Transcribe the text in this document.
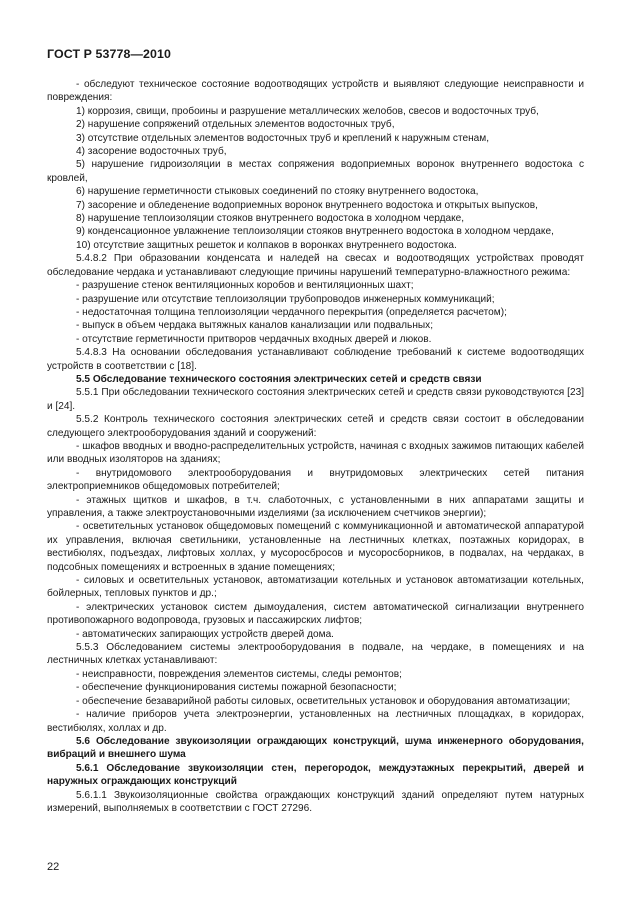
ГОСТ Р 53778—2010

- обследуют техническое состояние водоотводящих устройств и выявляют следующие неисправности и повреждения:

1) коррозия, свищи, пробоины и разрушение металлических желобов, свесов и водосточных труб,

2) нарушение сопряжений отдельных элементов водосточных труб,

3) отсутствие отдельных элементов водосточных труб и креплений к наружным стенам,

4) засорение водосточных труб,

5) нарушение гидроизоляции в местах сопряжения водоприемных воронок внутреннего водостока с кровлей,

6) нарушение герметичности стыковых соединений по стояку внутреннего водостока,

7) засорение и обледенение водоприемных воронок внутреннего водостока и открытых выпусков,

8) нарушение теплоизоляции стояков внутреннего водостока в холодном чердаке,

9) конденсационное увлажнение теплоизоляции стояков внутреннего водостока в холодном чердаке,

10) отсутствие защитных решеток и колпаков в воронках внутреннего водостока.

5.4.8.2 При образовании конденсата и наледей на свесах и водоотводящих устройствах проводят обследование чердака и устанавливают следующие причины нарушений температурно-влажностного режима:

- разрушение стенок вентиляционных коробов и вентиляционных шахт;

- разрушение или отсутствие теплоизоляции трубопроводов инженерных коммуникаций;

- недостаточная толщина теплоизоляции чердачного перекрытия (определяется расчетом);

- выпуск в объем чердака вытяжных каналов канализации или подвальных;

- отсутствие герметичности притворов чердачных входных дверей и люков.

5.4.8.3 На основании обследования устанавливают соблюдение требований к системе водоотводящих устройств в соответствии с [18].

5.5 Обследование технического состояния электрических сетей и средств связи

5.5.1 При обследовании технического состояния электрических сетей и средств связи руководствуются [23] и [24].

5.5.2 Контроль технического состояния электрических сетей и средств связи состоит в обследовании следующего электрооборудования зданий и сооружений:

- шкафов вводных и вводно-распределительных устройств, начиная с входных зажимов питающих кабелей или вводных изоляторов на зданиях;

- внутридомового электрооборудования и внутридомовых электрических сетей питания электроприемников общедомовых потребителей;

- этажных щитков и шкафов, в т.ч. слаботочных, с установленными в них аппаратами защиты и управления, а также электроустановочными изделиями (за исключением счетчиков энергии);

- осветительных установок общедомовых помещений с коммуникационной и автоматической аппаратурой их управления, включая светильники, установленные на лестничных клетках, поэтажных коридорах, в вестибюлях, подъездах, лифтовых холлах, у мусоросбросов и мусоросборников, в подвалах, на чердаках, в подсобных помещениях и встроенных в здание помещениях;

- силовых и осветительных установок, автоматизации котельных и установок автоматизации котельных, бойлерных, тепловых пунктов и др.;

- электрических установок систем дымоудаления, систем автоматической сигнализации внутреннего противопожарного водопровода, грузовых и пассажирских лифтов;

- автоматических запирающих устройств дверей дома.

5.5.3 Обследованием системы электрооборудования в подвале, на чердаке, в помещениях и на лестничных клетках устанавливают:

- неисправности, повреждения элементов системы, следы ремонтов;

- обеспечение функционирования системы пожарной безопасности;

- обеспечение безаварийной работы силовых, осветительных установок и оборудования автоматизации;

- наличие приборов учета электроэнергии, установленных на лестничных площадках, в коридорах, вестибюлях, холлах и др.

5.6 Обследование звукоизоляции ограждающих конструкций, шума инженерного оборудования, вибраций и внешнего шума

5.6.1 Обследование звукоизоляции стен, перегородок, междуэтажных перекрытий, дверей и наружных ограждающих конструкций

5.6.1.1 Звукоизоляционные свойства ограждающих конструкций зданий определяют путем натурных измерений, выполняемых в соответствии с ГОСТ 27296.

22
